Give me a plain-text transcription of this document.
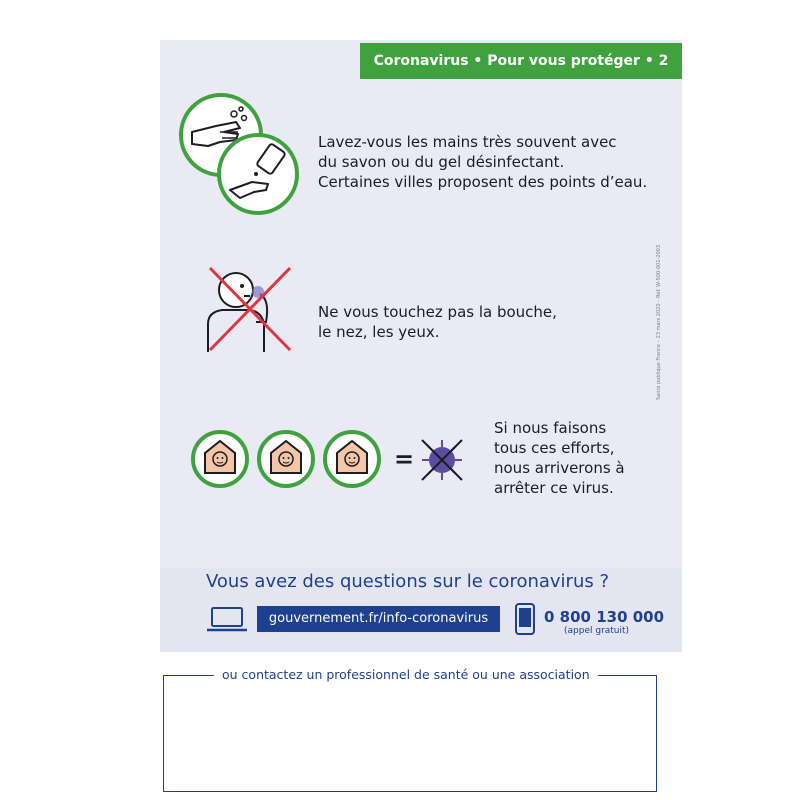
Coronavirus • Pour vous protéger • 2
Lavez-vous les mains très souvent avec
du savon ou du gel désinfectant.
Certaines villes proposent des points d’eau.
Ne vous touchez pas la bouche,
le nez, les yeux.
=
Si nous faisons
tous ces efforts,
nous arriverons à
arrêter ce virus.
Santé publique France – 23 mars 2020 – Réf. W-500-001-2003
Vous avez des questions sur le coronavirus ?
gouvernement.fr/info-coronavirus	0 800 130 000
(appel gratuit)
ou contactez un professionnel de santé ou une association
